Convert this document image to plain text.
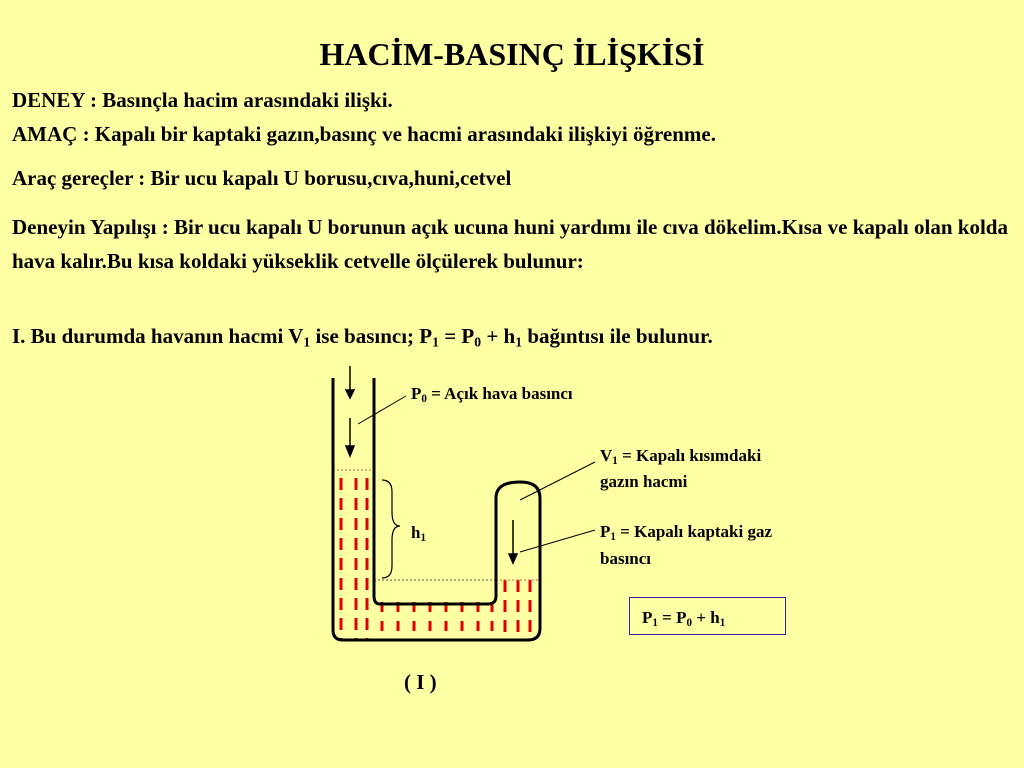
HACİM-BASINÇ İLİŞKİSİ
DENEY : Basınçla hacim arasındaki ilişki.
AMAÇ : Kapalı bir kaptaki gazın,basınç ve hacmi arasındaki ilişkiyi öğrenme.
Araç gereçler : Bir ucu kapalı U borusu,cıva,huni,cetvel
Deneyin Yapılışı : Bir ucu kapalı U borunun açık ucuna huni yardımı ile cıva dökelim.Kısa ve kapalı olan kolda hava kalır.Bu kısa koldaki yükseklik cetvelle ölçülerek bulunur:
I. Bu durumda havanın hacmi $V_1$ ise basıncı; $P_1 = P_0 + h_1$ bağıntısı ile bulunur.
$P_0$ = Açık hava basıncı
$V_1$ = Kapalı kısımdaki
gazın hacmi
$h_1$	$P_1$ = Kapalı kaptaki gaz
basıncı
$P_1 = P_0 + h_1$
( I )
